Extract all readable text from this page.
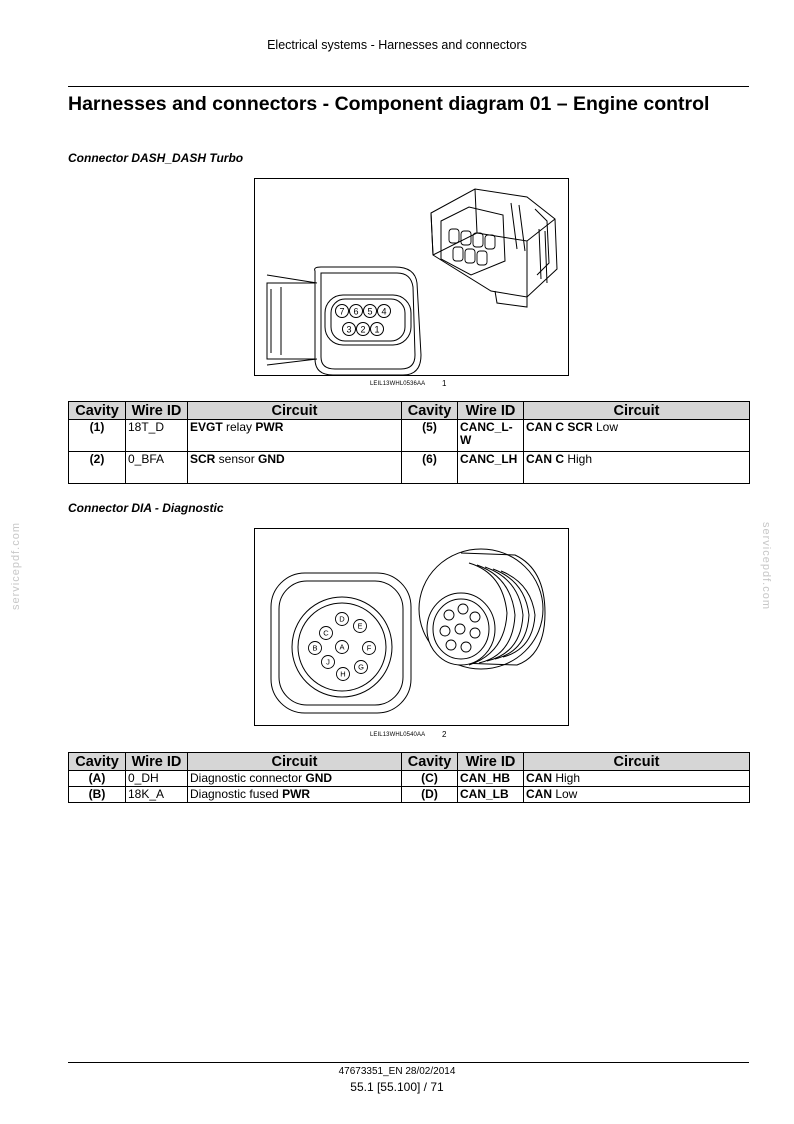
Electrical systems - Harnesses and connectors
Harnesses and connectors - Component diagram 01 – Engine control
Connector DASH_DASH Turbo
7 6 5 4
3 2 1
LEIL13WHL0536AA 1
Cavity	Wire ID	Circuit	Cavity	Wire ID	Circuit
(1)	18T_D	EVGT relay PWR	(5)	CANC_L-W	CAN C SCR Low
(2)	0_BFA	SCR sensor GND	(6)	CANC_LH	CAN C High
Connector DIA - Diagnostic
D
C
E
B	A	F
J
G
H
LEIL13WHL0540AA 2
Cavity	Wire ID	Circuit	Cavity	Wire ID	Circuit
(A)	0_DH	Diagnostic connector GND	(C)	CAN_HB	CAN High
(B)	18K_A	Diagnostic fused PWR	(D)	CAN_LB	CAN Low
servicepdf.com	servicepdf.com
47673351_EN 28/02/2014
55.1 [55.100] / 71
